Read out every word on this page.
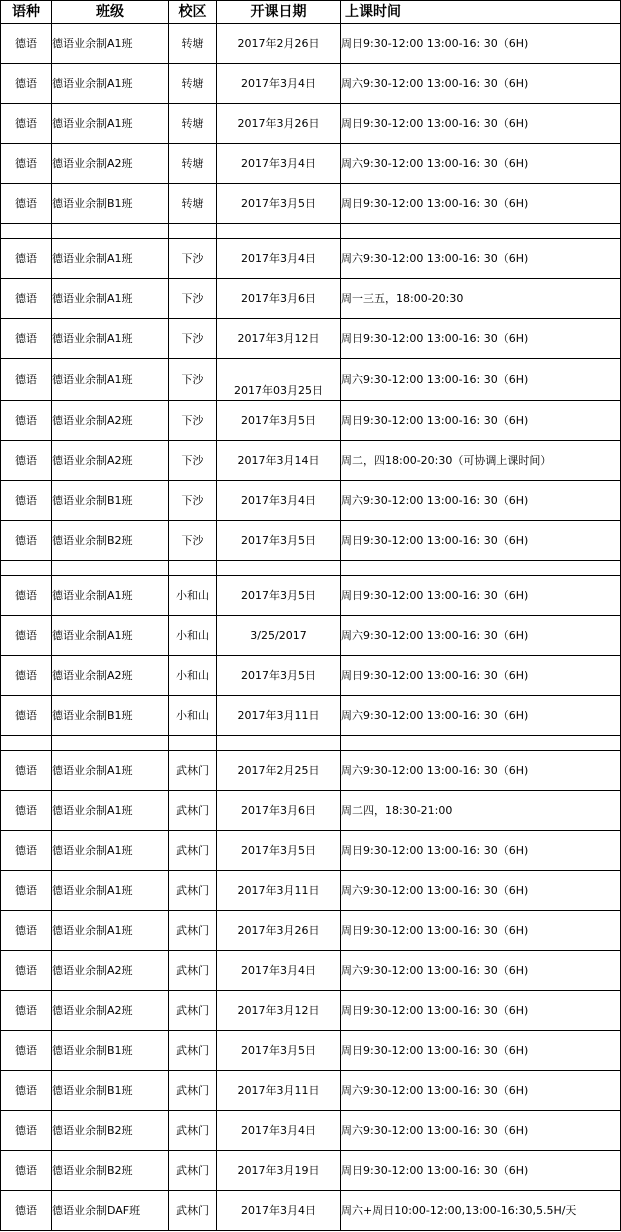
语种	班级	校区	开课日期	上课时间
德语	德语业余制A1班	转塘	2017年2月26日	周日9:30-12:00 13:00-16: 30（6H)
德语	德语业余制A1班	转塘	2017年3月4日	周六9:30-12:00 13:00-16: 30（6H)
德语	德语业余制A1班	转塘	2017年3月26日	周日9:30-12:00 13:00-16: 30（6H)
德语	德语业余制A2班	转塘	2017年3月4日	周六9:30-12:00 13:00-16: 30（6H)
德语	德语业余制B1班	转塘	2017年3月5日	周日9:30-12:00 13:00-16: 30（6H)

德语	德语业余制A1班	下沙	2017年3月4日	周六9:30-12:00 13:00-16: 30（6H)
德语	德语业余制A1班	下沙	2017年3月6日	周一三五，18:00-20:30
德语	德语业余制A1班	下沙	2017年3月12日	周日9:30-12:00 13:00-16: 30（6H)
德语	德语业余制A1班	下沙	2017年03月25日	周六9:30-12:00 13:00-16: 30（6H)
德语	德语业余制A2班	下沙	2017年3月5日	周日9:30-12:00 13:00-16: 30（6H)
德语	德语业余制A2班	下沙	2017年3月14日	周二，四18:00-20:30（可协调上课时间）
德语	德语业余制B1班	下沙	2017年3月4日	周六9:30-12:00 13:00-16: 30（6H)
德语	德语业余制B2班	下沙	2017年3月5日	周日9:30-12:00 13:00-16: 30（6H)

德语	德语业余制A1班	小和山	2017年3月5日	周日9:30-12:00 13:00-16: 30（6H)
德语	德语业余制A1班	小和山	3/25/2017	周六9:30-12:00 13:00-16: 30（6H)
德语	德语业余制A2班	小和山	2017年3月5日	周日9:30-12:00 13:00-16: 30（6H)
德语	德语业余制B1班	小和山	2017年3月11日	周六9:30-12:00 13:00-16: 30（6H)

德语	德语业余制A1班	武林门	2017年2月25日	周六9:30-12:00 13:00-16: 30（6H)
德语	德语业余制A1班	武林门	2017年3月6日	周二四，18:30-21:00
德语	德语业余制A1班	武林门	2017年3月5日	周日9:30-12:00 13:00-16: 30（6H)
德语	德语业余制A1班	武林门	2017年3月11日	周六9:30-12:00 13:00-16: 30（6H)
德语	德语业余制A1班	武林门	2017年3月26日	周日9:30-12:00 13:00-16: 30（6H)
德语	德语业余制A2班	武林门	2017年3月4日	周六9:30-12:00 13:00-16: 30（6H)
德语	德语业余制A2班	武林门	2017年3月12日	周日9:30-12:00 13:00-16: 30（6H)
德语	德语业余制B1班	武林门	2017年3月5日	周日9:30-12:00 13:00-16: 30（6H)
德语	德语业余制B1班	武林门	2017年3月11日	周六9:30-12:00 13:00-16: 30（6H)
德语	德语业余制B2班	武林门	2017年3月4日	周六9:30-12:00 13:00-16: 30（6H)
德语	德语业余制B2班	武林门	2017年3月19日	周日9:30-12:00 13:00-16: 30（6H)
德语	德语业余制DAF班	武林门	2017年3月4日	周六+周日10:00-12:00,13:00-16:30,5.5H/天
